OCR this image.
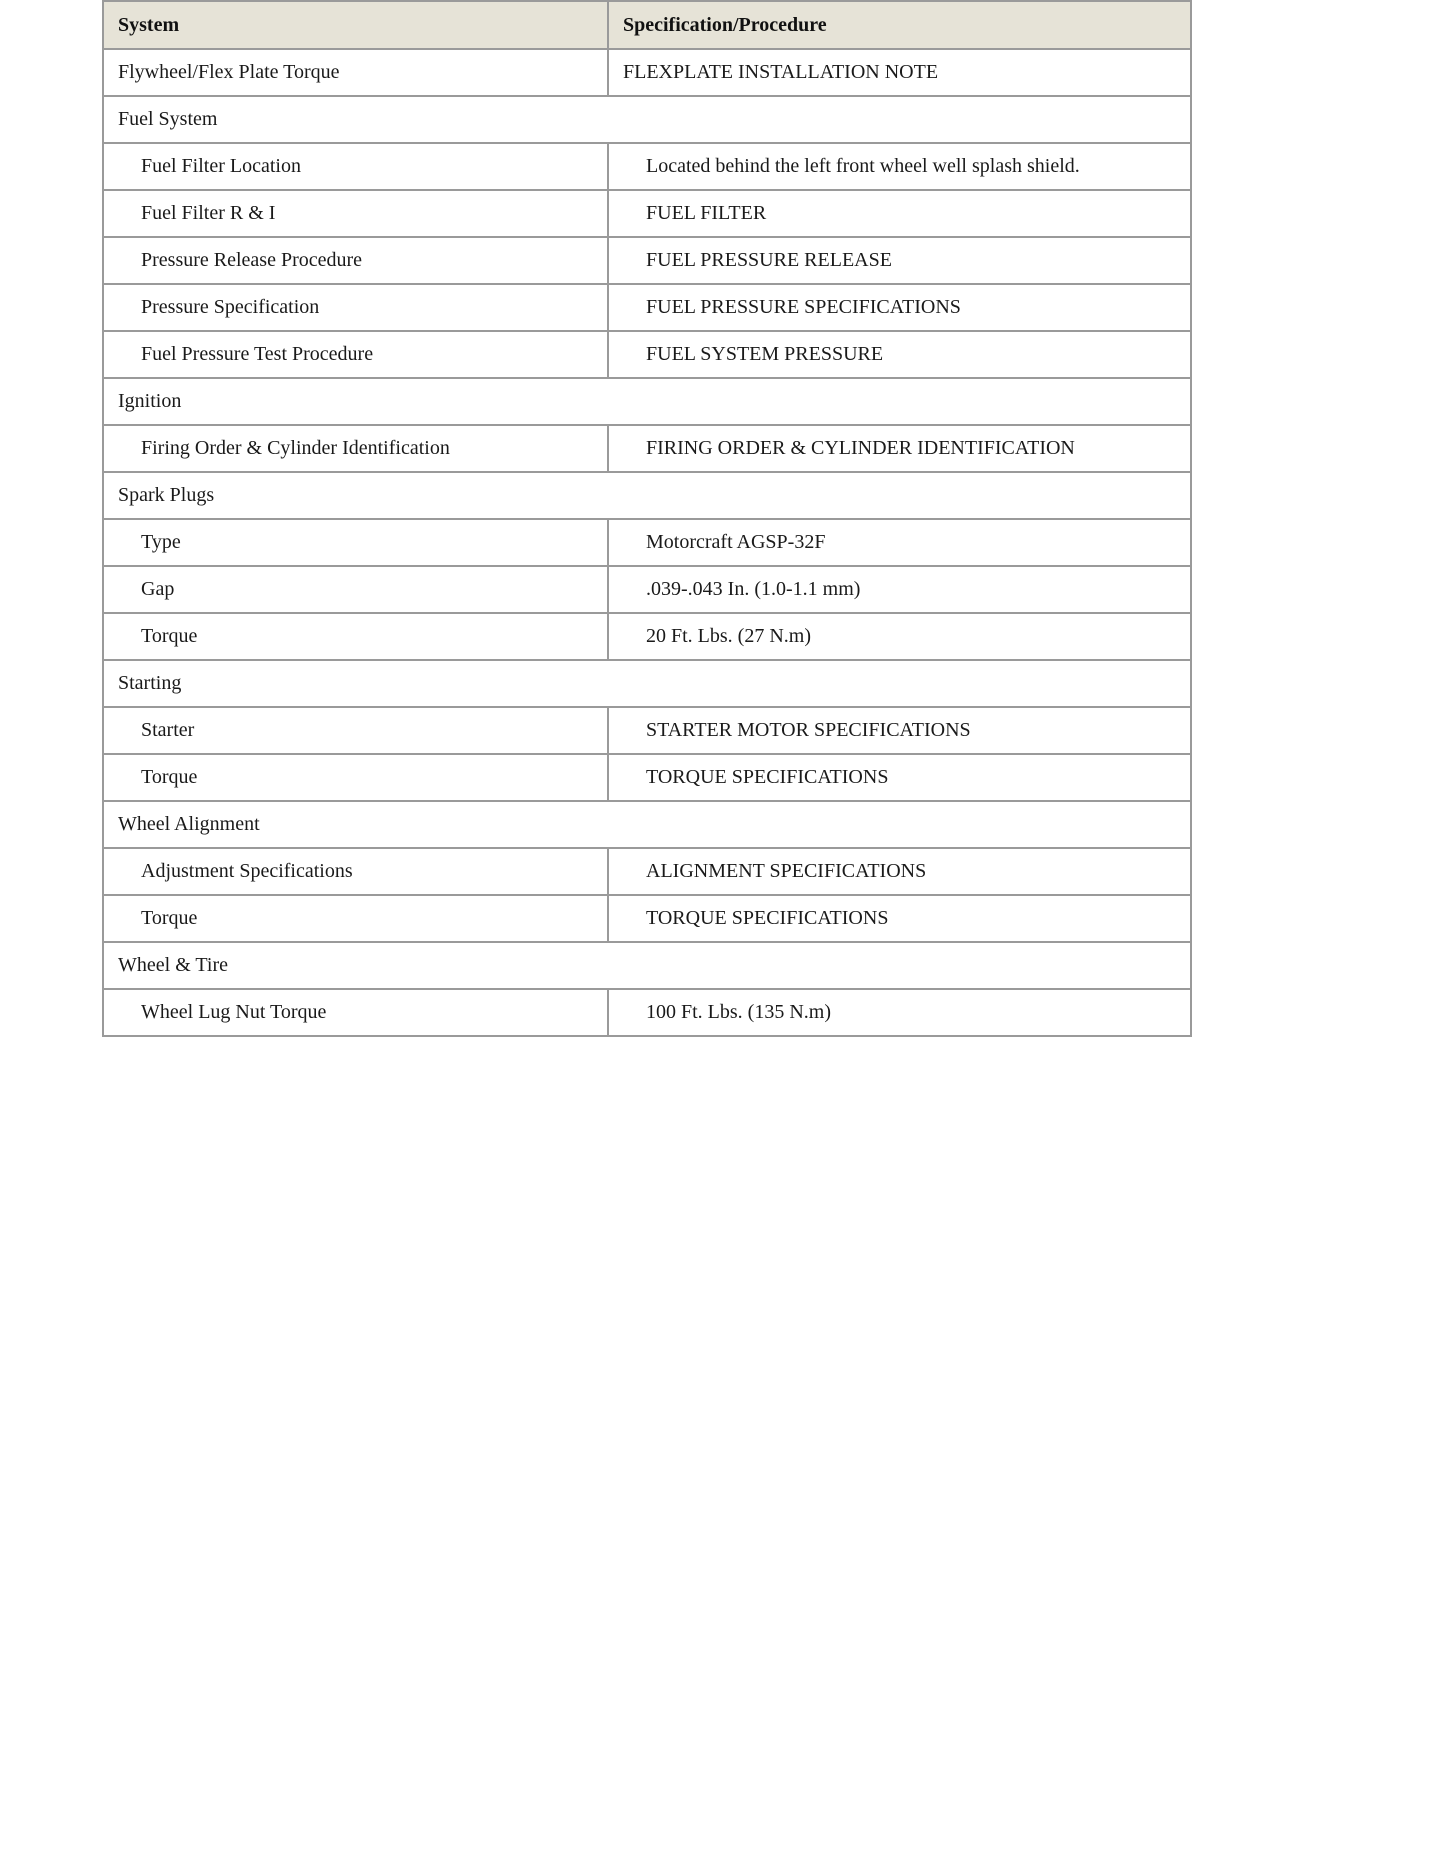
System	Specification/Procedure
Flywheel/Flex Plate Torque	FLEXPLATE INSTALLATION NOTE
Fuel System	
Fuel Filter Location	Located behind the left front wheel well splash shield.
Fuel Filter R & I	FUEL FILTER
Pressure Release Procedure	FUEL PRESSURE RELEASE
Pressure Specification	FUEL PRESSURE SPECIFICATIONS
Fuel Pressure Test Procedure	FUEL SYSTEM PRESSURE
Ignition	
Firing Order & Cylinder Identification	FIRING ORDER & CYLINDER IDENTIFICATION
Spark Plugs	
Type	Motorcraft AGSP-32F
Gap	.039-.043 In. (1.0-1.1 mm)
Torque	20 Ft. Lbs. (27 N.m)
Starting	
Starter	STARTER MOTOR SPECIFICATIONS
Torque	TORQUE SPECIFICATIONS
Wheel Alignment	
Adjustment Specifications	ALIGNMENT SPECIFICATIONS
Torque	TORQUE SPECIFICATIONS
Wheel & Tire	
Wheel Lug Nut Torque	100 Ft. Lbs. (135 N.m)
